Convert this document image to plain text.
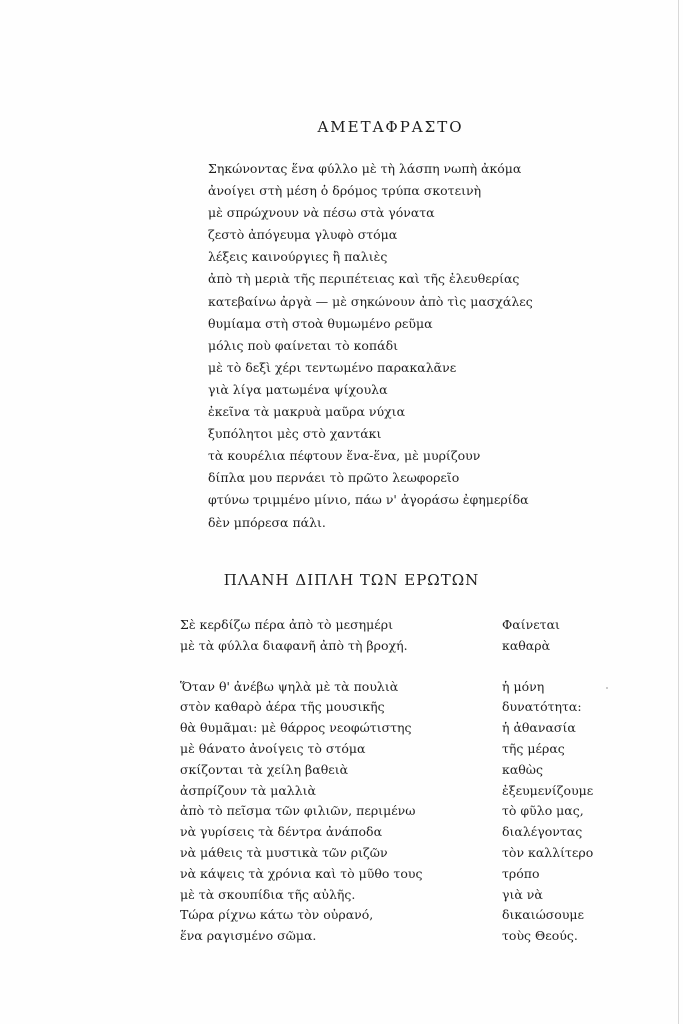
ΑΜΕΤΑΦΡΑΣΤΟ
Σηκώνοντας ἕνα φύλλο μὲ τὴ λάσπη νωπὴ ἀκόμα
ἀνοίγει στὴ μέση ὁ δρόμος τρύπα σκοτεινὴ
μὲ σπρώχνουν νὰ πέσω στὰ γόνατα
ζεστὸ ἀπόγευμα γλυφὸ στόμα
λέξεις καινούργιες ἢ παλιὲς
ἀπὸ τὴ μεριὰ τῆς περιπέτειας καὶ τῆς ἐλευθερίας
κατεβαίνω ἀργὰ — μὲ σηκώνουν ἀπὸ τὶς μασχάλες
θυμίαμα στὴ στοὰ θυμωμένο ρεῦμα
μόλις ποὺ φαίνεται τὸ κοπάδι
μὲ τὸ δεξὶ χέρι τεντωμένο παρακαλᾶνε
γιὰ λίγα ματωμένα ψίχουλα
ἐκεῖνα τὰ μακρυὰ μαῦρα νύχια
ξυπόλητοι μὲς στὸ χαντάκι
τὰ κουρέλια πέφτουν ἕνα-ἕνα, μὲ μυρίζουν
δίπλα μου περνάει τὸ πρῶτο λεωφορεῖο
φτύνω τριμμένο μίνιο, πάω ν' ἀγοράσω ἐφημερίδα
δὲν μπόρεσα πάλι.
ΠΛΑΝΗ ΔΙΠΛΗ ΤΩΝ ΕΡΩΤΩΝ
Σὲ κερδίζω πέρα ἀπὸ τὸ μεσημέρι
μὲ τὰ φύλλα διαφανῆ ἀπὸ τὴ βροχή.
Ὅταν θ' ἀνέβω ψηλὰ μὲ τὰ πουλιὰ
στὸν καθαρὸ ἀέρα τῆς μουσικῆς
θὰ θυμᾶμαι: μὲ θάρρος νεοφώτιστης
μὲ θάνατο ἀνοίγεις τὸ στόμα
σκίζονται τὰ χείλη βαθειὰ
ἀσπρίζουν τὰ μαλλιὰ
ἀπὸ τὸ πεῖσμα τῶν φιλιῶν, περιμένω
νὰ γυρίσεις τὰ δέντρα ἀνάποδα
νὰ μάθεις τὰ μυστικὰ τῶν ριζῶν
νὰ κάψεις τὰ χρόνια καὶ τὸ μῦθο τους
μὲ τὰ σκουπίδια τῆς αὐλῆς.
Τώρα ρίχνω κάτω τὸν οὐρανό,
ἕνα ραγισμένο σῶμα.
Φαίνεται
καθαρὰ
ἡ μόνη
δυνατότητα:
ἡ ἀθανασία
τῆς μέρας
καθὼς
ἐξευμενίζουμε
τὸ φῦλο μας,
διαλέγοντας
τὸν καλλίτερο
τρόπο
γιὰ νὰ
δικαιώσουμε
τοὺς Θεούς.
